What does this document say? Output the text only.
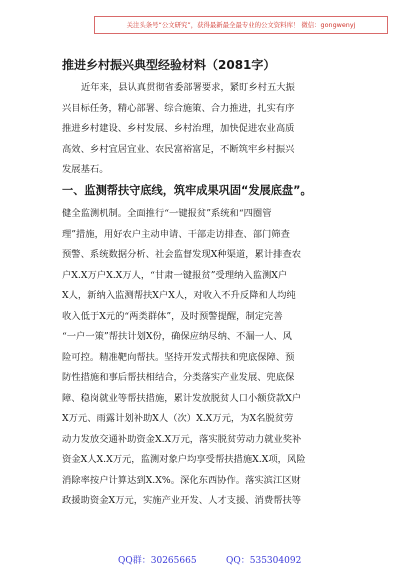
关注头条号“公文研究”，获得最新最全最专业的公文资料库！ 微信：gongwenyj
推进乡村振兴典型经验材料（2081字）
近年来，县认真贯彻省委部署要求，紧盯乡村五大振
兴目标任务，精心部署、综合施策、合力推进，扎实有序
推进乡村建设、乡村发展、乡村治理，加快促进农业高质
高效、乡村宜居宜业、农民富裕富足，不断筑牢乡村振兴
发展基石。
一、监测帮扶守底线，筑牢成果巩固“发展底盘”。
健全监测机制。全面推行“一键报贫”系统和“四圈管
理”措施，用好农户主动申请、干部走访排查、部门筛查
预警、系统数据分析、社会监督发现X种渠道，累计排查农
户X.X万户X.X万人，“甘肃一键报贫”受理纳入监测X户
X人，新纳入监测帮扶X户X人，对收入不升反降和人均纯
收入低于X元的“两类群体”，及时预警提醒，制定完善
“一户一策”帮扶计划X份，确保应纳尽纳、不漏一人、风
险可控。精准靶向帮扶。坚持开发式帮扶和兜底保障、预
防性措施和事后帮扶相结合，分类落实产业发展、兜底保
障、稳岗就业等帮扶措施，累计发放脱贫人口小额贷款X户
X万元、雨露计划补助X人（次）X.X万元，为X名脱贫劳
动力发放交通补助资金X.X万元，落实脱贫劳动力就业奖补
资金X人X.X万元，监测对象户均享受帮扶措施X.X项，风险
消除率按户计算达到X.X%。深化东西协作。落实滨江区财
政援助资金X万元，实施产业开发、人才支援、消费帮扶等
QQ群：30265665	QQ：535304092
